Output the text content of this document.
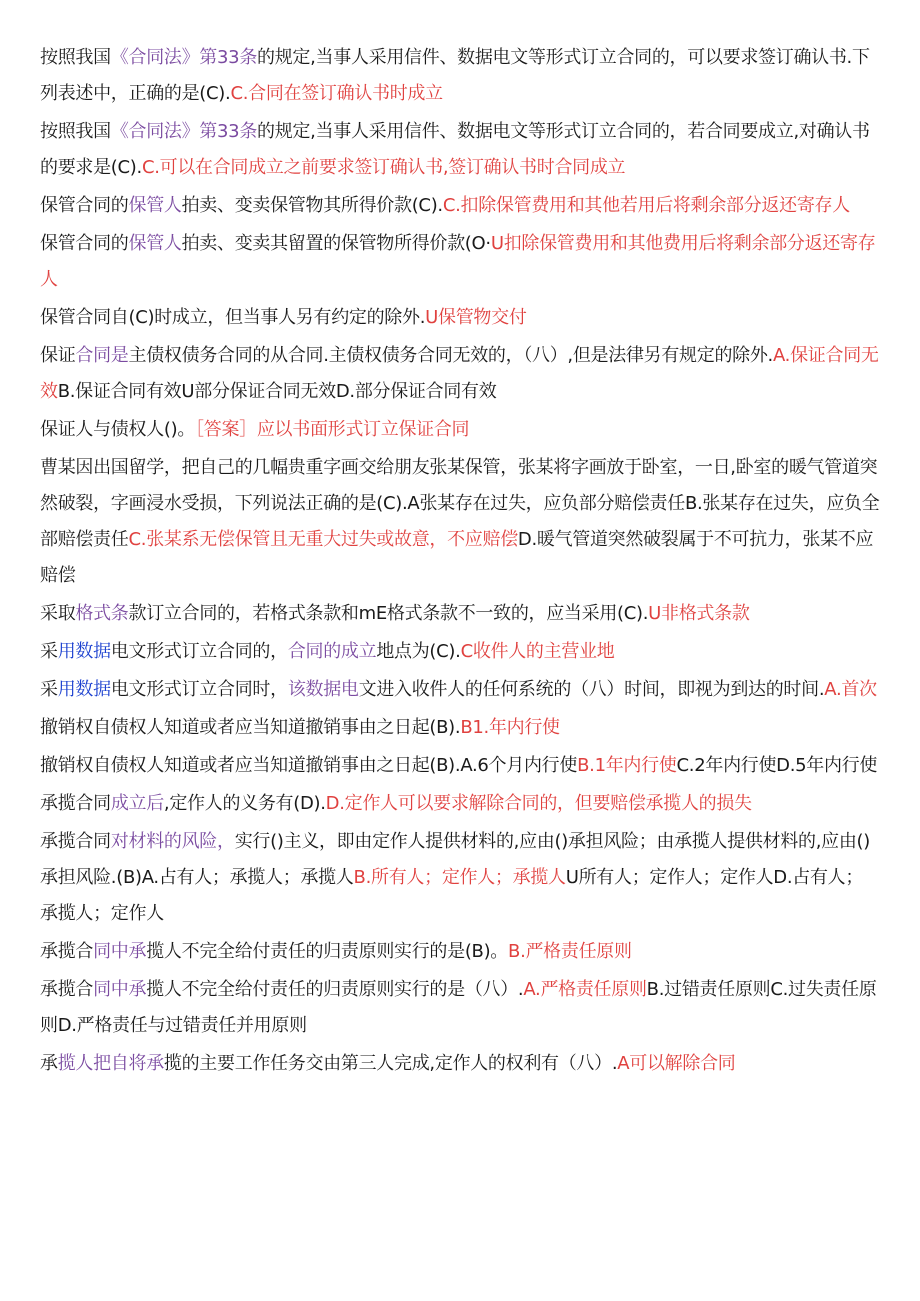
按照我国《合同法》第33条的规定,当事人采用信件、数据电文等形式订立合同的，可以要求签订确认书.下列表述中，正确的是(C).C.合同在签订确认书时成立

按照我国《合同法》第33条的规定,当事人采用信件、数据电文等形式订立合同的，若合同要成立,对确认书的要求是(C).C.可以在合同成立之前要求签订确认书,签订确认书时合同成立

保管合同的保管人拍卖、变卖保管物其所得价款(C).C.扣除保管费用和其他若用后将剩余部分返还寄存人

保管合同的保管人拍卖、变卖其留置的保管物所得价款(O·U扣除保管费用和其他费用后将剩余部分返还寄存人

保管合同自(C)时成立，但当事人另有约定的除外.U保管物交付

保证合同是主债权债务合同的从合同.主债权债务合同无效的，（八）,但是法律另有规定的除外.A.保证合同无效B.保证合同有效U部分保证合同无效D.部分保证合同有效

保证人与债权人()。［答案］应以书面形式订立保证合同

曹某因出国留学，把自己的几幅贵重字画交给朋友张某保管，张某将字画放于卧室，一日,卧室的暖气管道突然破裂，字画浸水受损，下列说法正确的是(C).A张某存在过失，应负部分赔偿责任B.张某存在过失，应负全部赔偿责任C.张某系无偿保管且无重大过失或故意，不应赔偿D.暖气管道突然破裂属于不可抗力，张某不应赔偿

采取格式条款订立合同的，若格式条款和mE格式条款不一致的，应当采用(C).U非格式条款

采用数据电文形式订立合同的，合同的成立地点为(C).C收件人的主营业地

采用数据电文形式订立合同时，该数据电文进入收件人的任何系统的（八）时间，即视为到达的时间.A.首次

撤销权自债权人知道或者应当知道撤销事由之日起(B).B1.年内行使

撤销权自债权人知道或者应当知道撤销事由之日起(B).A.6个月内行使B.1年内行使C.2年内行使D.5年内行使

承揽合同成立后,定作人的义务有(D).D.定作人可以要求解除合同的，但要赔偿承揽人的损失

承揽合同对材料的风险，实行()主义，即由定作人提供材料的,应由()承担风险；由承揽人提供材料的,应由()承担风险.(B)A.占有人；承揽人；承揽人B.所有人；定作人；承揽人U所有人；定作人；定作人D.占有人；承揽人；定作人

承揽合同中承揽人不完全给付责任的归责原则实行的是(B)。B.严格责任原则

承揽合同中承揽人不完全给付责任的归责原则实行的是（八）.A.严格责任原则B.过错责任原则C.过失责任原则D.严格责任与过错责任并用原则

承揽人把自将承揽的主要工作任务交由第三人完成,定作人的权利有（八）.A可以解除合同
